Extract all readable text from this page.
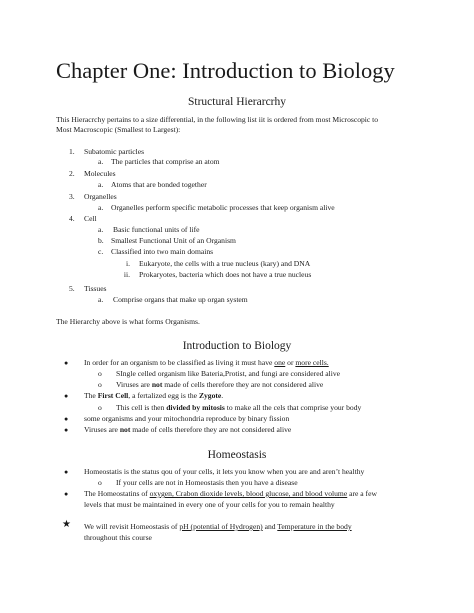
Chapter One: Introduction to Biology
Structural Hierarcrhy
This Hieracrchy pertains to a size differential, in the following list iit is ordered from most Microscopic to
Most Macroscopic (Smallest to Largest):
1. Subatomic particles
a. The particles that comprise an atom
2. Molecules
a. Atoms that are bonded together
3. Organelles
a. Organelles perform specific metabolic processes that keep organism alive
4. Cell
a. Basic functional units of life
b. Smallest Functional Unit of an Organism
c. Classified into two main domains
i. Eukaryote, the cells with a true nucleus (kary) and DNA
ii. Prokaryotes, bacteria which does not have a true nucleus
5. Tissues
a. Comprise organs that make up organ system
The Hierarchy above is what forms Organisms.
Introduction to Biology
● In order for an organism to be classified as living it must have one or more cells.
o SIngle celled organism like Bateria,Protist, and fungi are considered alive
o Viruses are not made of cells therefore they are not considered alive
● The First Cell, a fertalized egg is the Zygote.
o This cell is then divided by mitosis to make all the cels that comprise your body
● some organisms and your mitochondria reproduce by binary fission
● Viruses are not made of cells therefore they are not considered alive
Homeostasis
● Homeostatis is the status qou of your cells, it lets you know when you are and aren’t healthy
o If your cells are not in Homeostasis then you have a disease
● The Homeostatins of oxygen, Crabon dioxide levels, blood glucose, and blood volume are a few
levels that must be maintained in every one of your cells for you to remain healthy
★ We will revisit Homeostasis of pH (potential of Hydrogen) and Temperature in the body
throughout this course
